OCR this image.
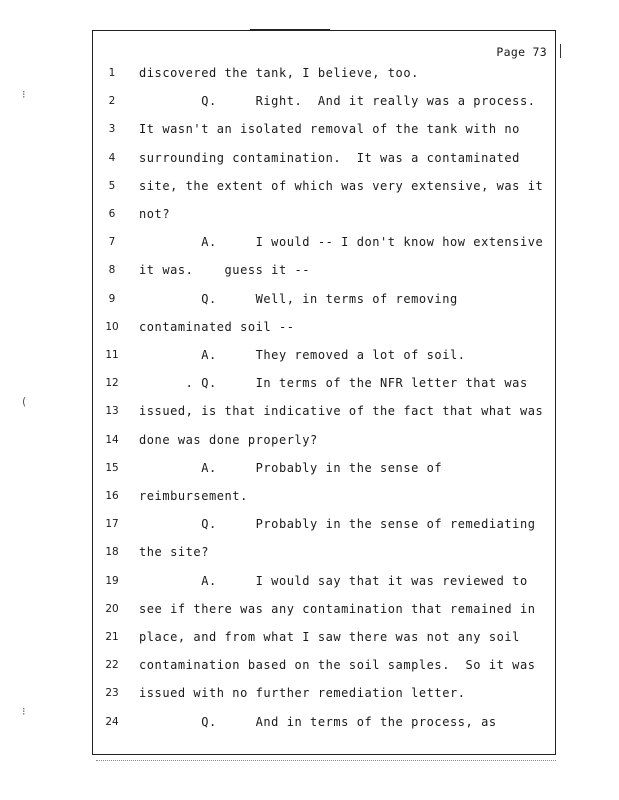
⁝
(
⁝
Page 73
1	discovered the tank, I believe, too.
2	Q.     Right.  And it really was a process.
3	It wasn't an isolated removal of the tank with no
4	surrounding contamination.  It was a contaminated
5	site, the extent of which was very extensive, was it
6	not?
7	A.     I would -- I don't know how extensive
8	it was.    guess it --
9	Q.     Well, in terms of removing
10	contaminated soil --
11	A.     They removed a lot of soil.
12	. Q.     In terms of the NFR letter that was
13	issued, is that indicative of the fact that what was
14	done was done properly?
15	A.     Probably in the sense of
16	reimbursement.
17	Q.     Probably in the sense of remediating
18	the site?
19	A.     I would say that it was reviewed to
20	see if there was any contamination that remained in
21	place, and from what I saw there was not any soil
22	contamination based on the soil samples.  So it was
23	issued with no further remediation letter.
24	Q.     And in terms of the process, as
